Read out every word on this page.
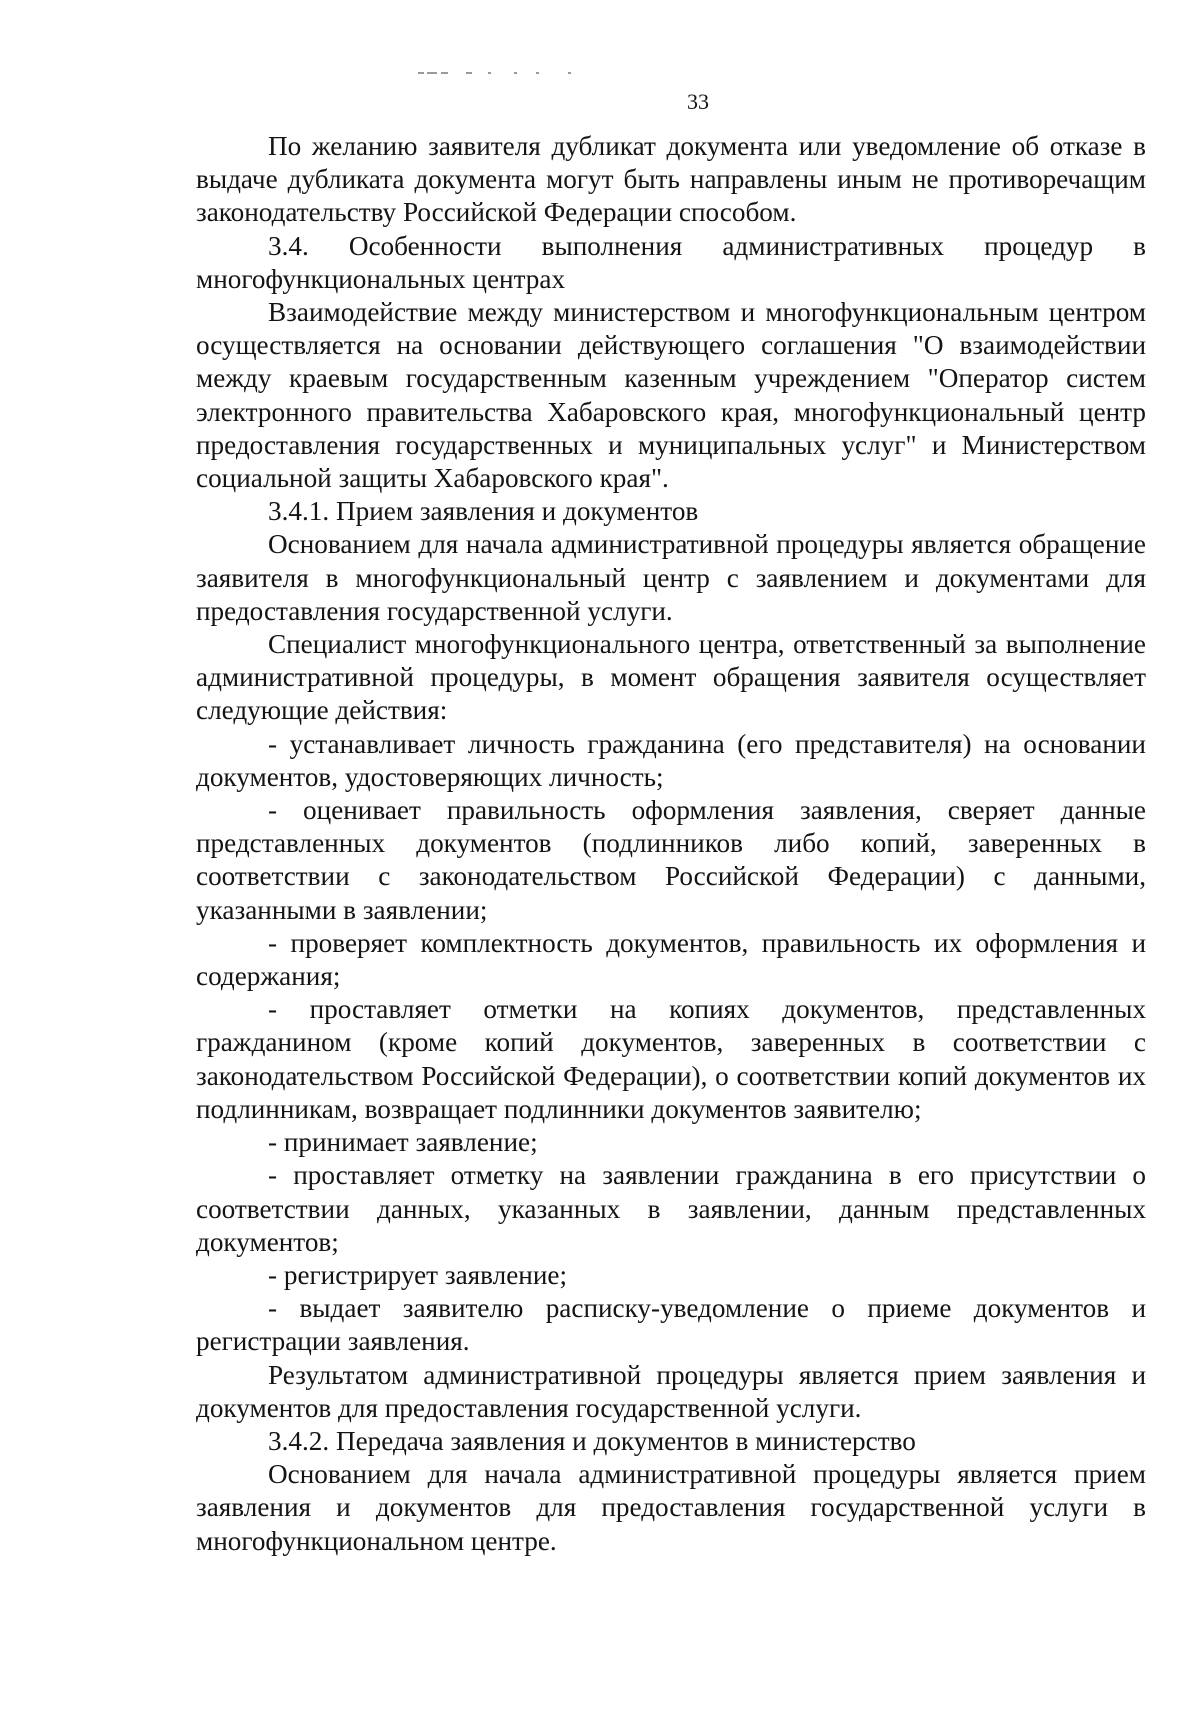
33

По желанию заявителя дубликат документа или уведомление об отказе в выдаче дубликата документа могут быть направлены иным не противоречащим законодательству Российской Федерации способом.

3.4. Особенности выполнения административных процедур в многофункциональных центрах

Взаимодействие между министерством и многофункциональным центром осуществляется на основании действующего соглашения "О взаимодействии между краевым государственным казенным учреждением "Оператор систем электронного правительства Хабаровского края, многофункциональный центр предоставления государственных и муниципальных услуг" и Министерством социальной защиты Хабаровского края".

3.4.1. Прием заявления и документов

Основанием для начала административной процедуры является обращение заявителя в многофункциональный центр с заявлением и документами для предоставления государственной услуги.

Специалист многофункционального центра, ответственный за выполнение административной процедуры, в момент обращения заявителя осуществляет следующие действия:

- устанавливает личность гражданина (его представителя) на основании документов, удостоверяющих личность;

- оценивает правильность оформления заявления, сверяет данные представленных документов (подлинников либо копий, заверенных в соответствии с законодательством Российской Федерации) с данными, указанными в заявлении;

- проверяет комплектность документов, правильность их оформления и содержания;

- проставляет отметки на копиях документов, представленных гражданином (кроме копий документов, заверенных в соответствии с законодательством Российской Федерации), о соответствии копий документов их подлинникам, возвращает подлинники документов заявителю;

- принимает заявление;

- проставляет отметку на заявлении гражданина в его присутствии о соответствии данных, указанных в заявлении, данным представленных документов;

- регистрирует заявление;

- выдает заявителю расписку-уведомление о приеме документов и регистрации заявления.

Результатом административной процедуры является прием заявления и документов для предоставления государственной услуги.

3.4.2. Передача заявления и документов в министерство

Основанием для начала административной процедуры является прием заявления и документов для предоставления государственной услуги в многофункциональном центре.
